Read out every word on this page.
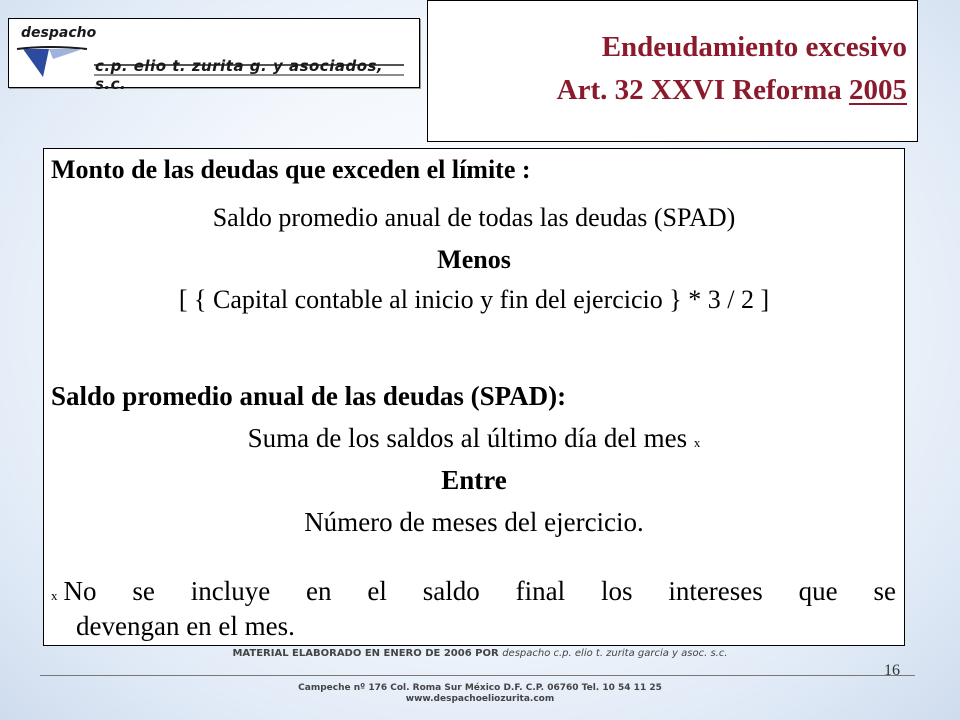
despacho
c.p. elio t. zurita g. y asociados, s.c.
Endeudamiento excesivo
Art. 32 XXVI Reforma 2005
Monto de las deudas que exceden el límite :
Saldo promedio anual de todas las deudas (SPAD)
Menos
[ { Capital contable al inicio y fin del ejercicio } * 3 / 2 ]
Saldo promedio anual de las deudas (SPAD):
Suma de los saldos al último día del mes x
Entre
Número de meses del ejercicio.
x No se incluye en el saldo final los intereses que se
devengan en el mes.
MATERIAL ELABORADO EN ENERO DE 2006 POR despacho c.p. elio t. zurita garcia y asoc. s.c.
16
Campeche nº 176 Col. Roma Sur México D.F. C.P. 06760 Tel. 10 54 11 25
www.despachoeliozurita.com
